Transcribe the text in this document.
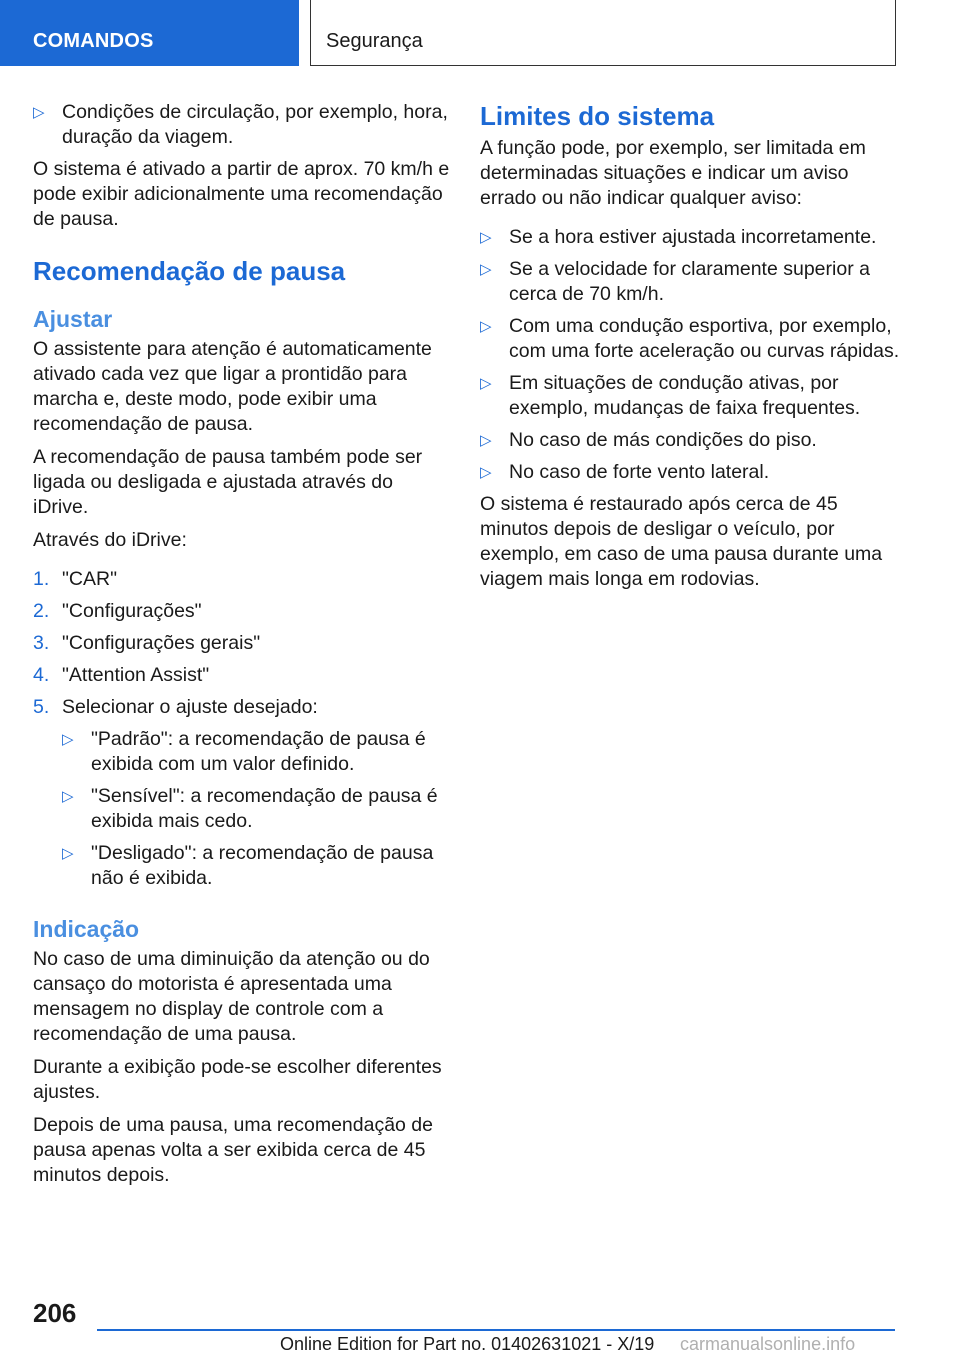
COMANDOS	Segurança
▷ Condições de circulação, por exemplo, hora, duração da viagem.

O sistema é ativado a partir de aprox. 70 km/h e pode exibir adicionalmente uma recomendação de pausa.

Recomendação de pausa
Ajustar

O assistente para atenção é automaticamente ativado cada vez que ligar a prontidão para marcha e, deste modo, pode exibir uma recomendação de pausa.

A recomendação de pausa também pode ser ligada ou desligada e ajustada através do iDrive.

Através do iDrive:

1. "CAR"
2. "Configurações"
3. "Configurações gerais"
4. "Attention Assist"
5. Selecionar o ajuste desejado:
▷ "Padrão": a recomendação de pausa é exibida com um valor definido.
▷ "Sensível": a recomendação de pausa é exibida mais cedo.
▷ "Desligado": a recomendação de pausa não é exibida.
Indicação

No caso de uma diminuição da atenção ou do cansaço do motorista é apresentada uma mensagem no display de controle com a recomendação de uma pausa.

Durante a exibição pode-se escolher diferentes ajustes.

Depois de uma pausa, uma recomendação de pausa apenas volta a ser exibida cerca de 45 minutos depois.

Limites do sistema

A função pode, por exemplo, ser limitada em determinadas situações e indicar um aviso errado ou não indicar qualquer aviso:

▷ Se a hora estiver ajustada incorretamente.
▷ Se a velocidade for claramente superior a cerca de 70 km/h.
▷ Com uma condução esportiva, por exemplo, com uma forte aceleração ou curvas rápidas.
▷ Em situações de condução ativas, por exemplo, mudanças de faixa frequentes.
▷ No caso de más condições do piso.
▷ No caso de forte vento lateral.

O sistema é restaurado após cerca de 45 minutos depois de desligar o veículo, por exemplo, em caso de uma pausa durante uma viagem mais longa em rodovias.

206
Online Edition for Part no. 01402631021 - X/19 carmanualsonline.info
